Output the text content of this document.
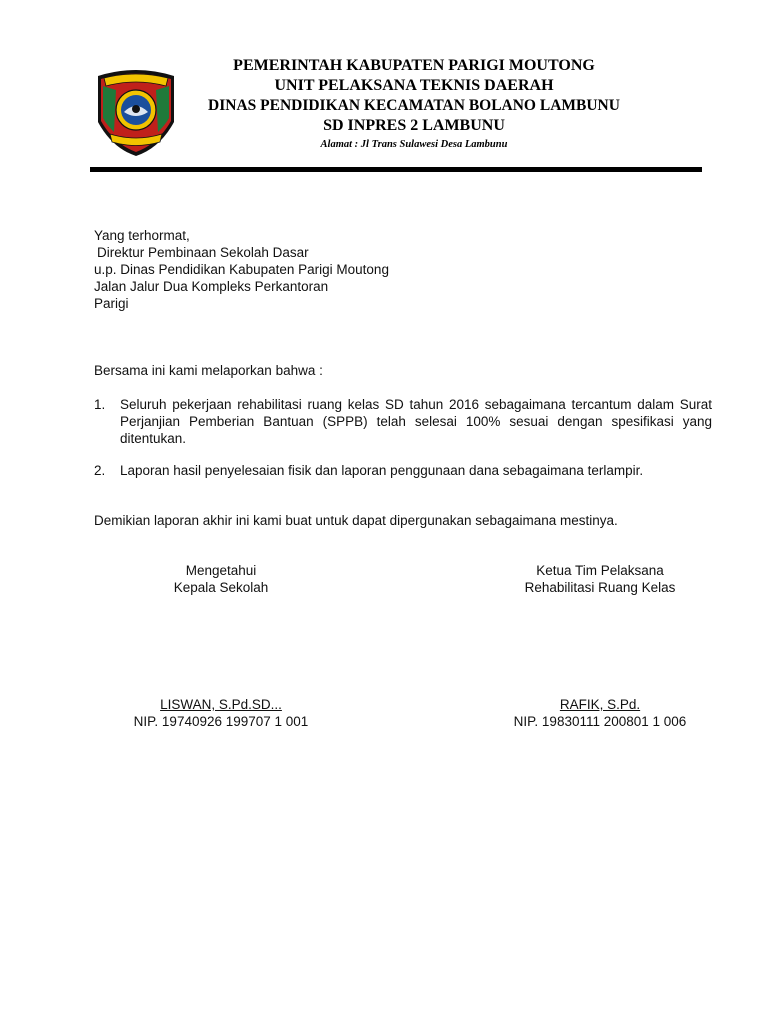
PEMERINTAH KABUPATEN PARIGI MOUTONG
UNIT PELAKSANA TEKNIS DAERAH
DINAS PENDIDIKAN KECAMATAN BOLANO LAMBUNU
SD INPRES 2 LAMBUNU
Alamat : Jl Trans Sulawesi Desa Lambunu
Yang terhormat,
Direktur Pembinaan Sekolah Dasar
u.p. Dinas Pendidikan Kabupaten Parigi Moutong
Jalan Jalur Dua Kompleks Perkantoran
Parigi
Bersama ini kami melaporkan bahwa :
1. Seluruh pekerjaan rehabilitasi ruang kelas SD tahun 2016 sebagaimana tercantum dalam Surat Perjanjian Pemberian Bantuan (SPPB) telah selesai 100% sesuai dengan spesifikasi yang ditentukan.
2. Laporan hasil penyelesaian fisik dan laporan penggunaan dana sebagaimana terlampir.
Demikian laporan akhir ini kami buat untuk dapat dipergunakan sebagaimana mestinya.
Mengetahui
Kepala Sekolah
LISWAN, S.Pd.SD...
NIP. 19740926 199707 1 001
Ketua Tim Pelaksana
Rehabilitasi Ruang Kelas
RAFIK, S.Pd.
NIP. 19830111 200801 1 006
